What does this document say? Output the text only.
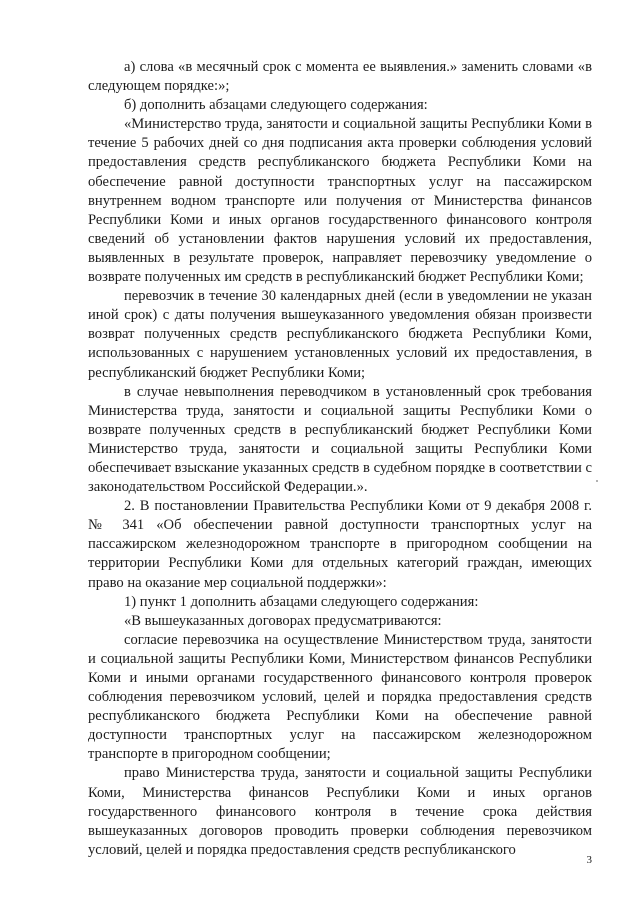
а) слова «в месячный срок с момента ее выявления.» заменить словами «в следующем порядке:»;

б) дополнить абзацами следующего содержания:

«Министерство труда, занятости и социальной защиты Республики Коми в течение 5 рабочих дней со дня подписания акта проверки соблюдения условий предоставления средств республиканского бюджета Республики Коми на обеспечение равной доступности транспортных услуг на пассажирском внутреннем водном транспорте или получения от Министерства финансов Республики Коми и иных органов государственного финансового контроля сведений об установлении фактов нарушения условий их предоставления, выявленных в результате проверок, направляет перевозчику уведомление о возврате полученных им средств в республиканский бюджет Республики Коми;

перевозчик в течение 30 календарных дней (если в уведомлении не указан иной срок) с даты получения вышеуказанного уведомления обязан произвести возврат полученных средств республиканского бюджета Республики Коми, использованных с нарушением установленных условий их предоставления, в республиканский бюджет Республики Коми;

в случае невыполнения переводчиком в установленный срок требования Министерства труда, занятости и социальной защиты Республики Коми о возврате полученных средств в республиканский бюджет Республики Коми Министерство труда, занятости и социальной защиты Республики Коми обеспечивает взыскание указанных средств в судебном порядке в соответствии с законодательством Российской Федерации.».

2. В постановлении Правительства Республики Коми от 9 декабря 2008 г. № 341 «Об обеспечении равной доступности транспортных услуг на пассажирском железнодорожном транспорте в пригородном сообщении на территории Республики Коми для отдельных категорий граждан, имеющих право на оказание мер социальной поддержки»:

1) пункт 1 дополнить абзацами следующего содержания:

«В вышеуказанных договорах предусматриваются:

согласие перевозчика на осуществление Министерством труда, занятости и социальной защиты Республики Коми, Министерством финансов Республики Коми и иными органами государственного финансового контроля проверок соблюдения перевозчиком условий, целей и порядка предоставления средств республиканского бюджета Республики Коми на обеспечение равной доступности транспортных услуг на пассажирском железнодорожном транспорте в пригородном сообщении;

право Министерства труда, занятости и социальной защиты Республики Коми, Министерства финансов Республики Коми и иных органов государственного финансового контроля в течение срока действия вышеуказанных договоров проводить проверки соблюдения перевозчиком условий, целей и порядка предоставления средств республиканского

3
